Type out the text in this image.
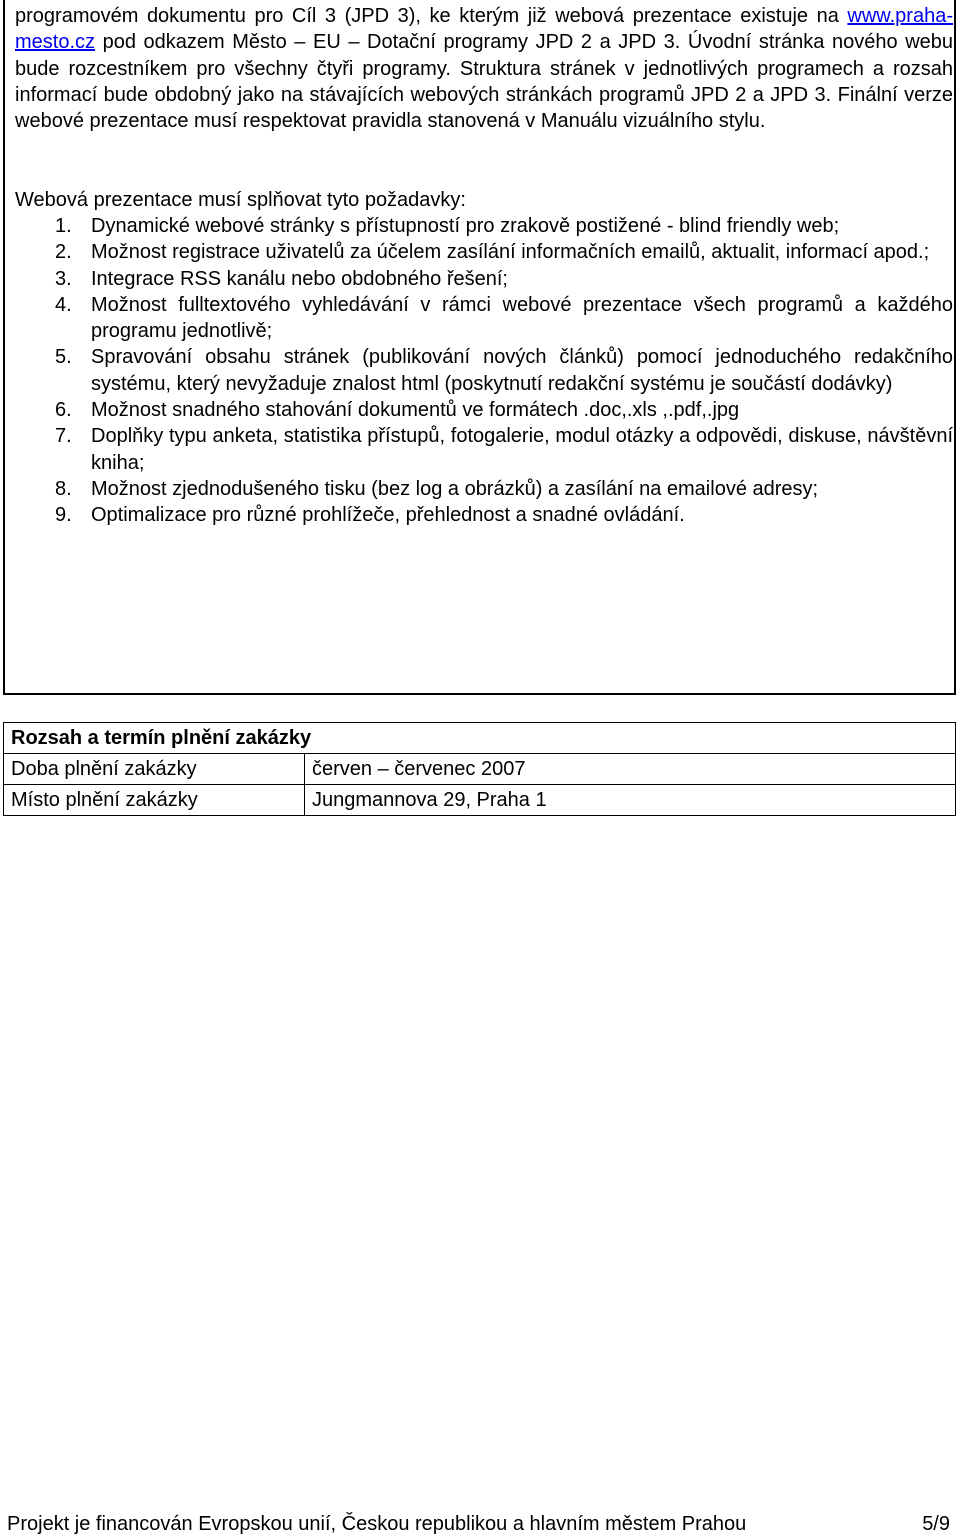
programovém dokumentu pro Cíl 3 (JPD 3), ke kterým již webová prezentace existuje na www.praha-mesto.cz pod odkazem Město – EU – Dotační programy JPD 2 a JPD 3. Úvodní stránka nového webu bude rozcestníkem pro všechny čtyři programy. Struktura stránek v jednotlivých programech a rozsah informací bude obdobný jako na stávajících webových stránkách programů JPD 2 a JPD 3. Finální verze webové prezentace musí respektovat pravidla stanovená v Manuálu vizuálního stylu.

Webová prezentace musí splňovat tyto požadavky:

1. Dynamické webové stránky s přístupností pro zrakově postižené - blind friendly web;
2. Možnost registrace uživatelů za účelem zasílání informačních emailů, aktualit, informací apod.;
3. Integrace RSS kanálu nebo obdobného řešení;
4. Možnost fulltextového vyhledávání v rámci webové prezentace všech programů a každého programu jednotlivě;
5. Spravování obsahu stránek (publikování nových článků) pomocí jednoduchého redakčního systému, který nevyžaduje znalost html (poskytnutí redakční systému je součástí dodávky)
6. Možnost snadného stahování dokumentů ve formátech .doc,.xls ,.pdf,.jpg
7. Doplňky typu anketa, statistika přístupů, fotogalerie, modul otázky a odpovědi, diskuse, návštěvní kniha;
8. Možnost zjednodušeného tisku (bez log a obrázků) a zasílání na emailové adresy;
9. Optimalizace pro různé prohlížeče, přehlednost a snadné ovládání.
Rozsah a termín plnění zakázky	
Doba plnění zakázky	červen – červenec 2007
Místo plnění zakázky	Jungmannova 29, Praha 1
Projekt je financován Evropskou unií, Českou republikou a hlavním městem Prahou	5/9
